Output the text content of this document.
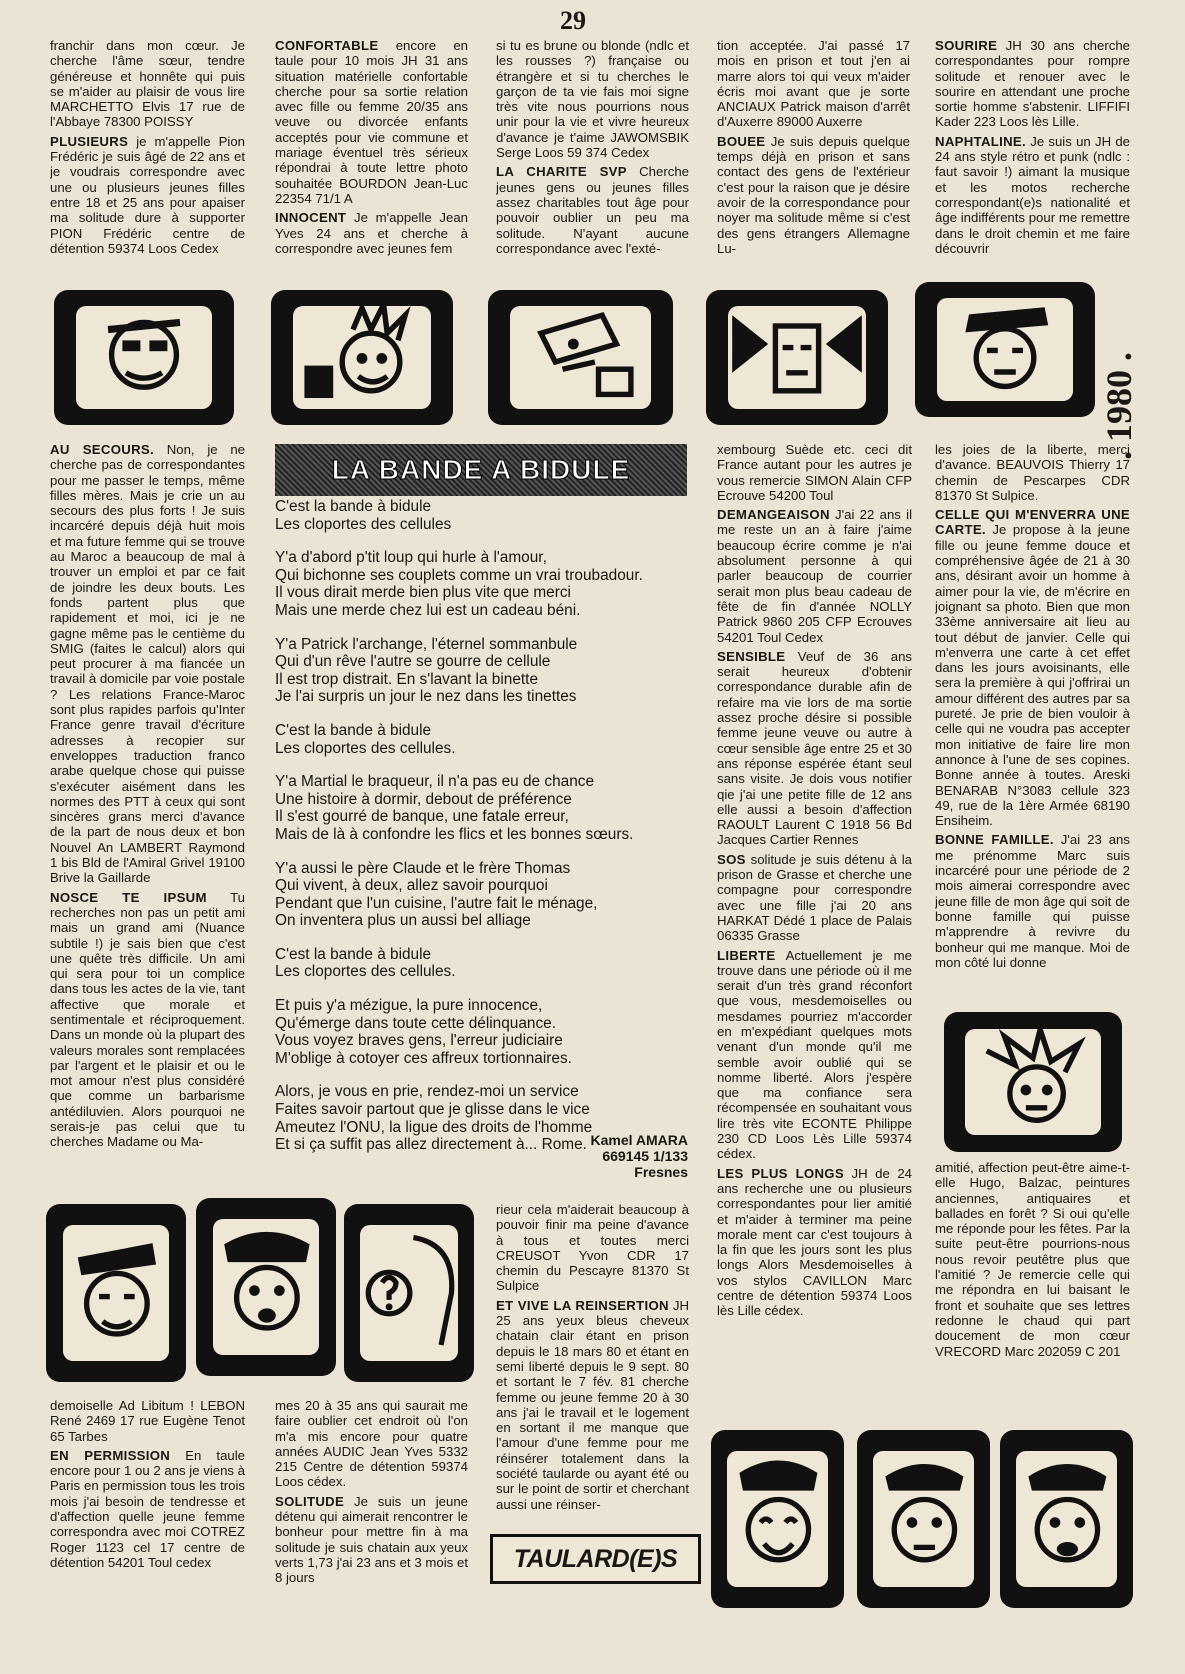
29

franchir dans mon cœur. Je cherche l'âme sœur, tendre généreuse et honnête qui puis se m'aider au plaisir de vous lire MARCHETTO Elvis 17 rue de l'Abbaye 78300 POISSY

PLUSIEURS je m'appelle Pion Frédéric je suis âgé de 22 ans et je voudrais correspondre avec une ou plusieurs jeunes filles entre 18 et 25 ans pour apaiser ma solitude dure à supporter PION Frédéric centre de détention 59374 Loos Cedex

CONFORTABLE encore en taule pour 10 mois JH 31 ans situation matérielle confortable cherche pour sa sortie relation avec fille ou femme 20/35 ans veuve ou divorcée enfants acceptés pour vie commune et mariage éventuel très sérieux répondrai à toute lettre photo souhaitée BOURDON Jean-Luc 22354 71/1 A

INNOCENT Je m'appelle Jean Yves 24 ans et cherche à correspondre avec jeunes fem

si tu es brune ou blonde (ndlc et les rousses ?) française ou étrangère et si tu cherches le garçon de ta vie fais moi signe très vite nous pourrions nous unir pour la vie et vivre heureux d'avance je t'aime JAWOMSBIK Serge Loos 59 374 Cedex

LA CHARITE SVP Cherche jeunes gens ou jeunes filles assez charitables tout âge pour pouvoir oublier un peu ma solitude. N'ayant aucune correspondance avec l'exté-

tion acceptée. J'ai passé 17 mois en prison et tout j'en ai marre alors toi qui veux m'aider écris moi avant que je sorte ANCIAUX Patrick maison d'arrêt d'Auxerre 89000 Auxerre

BOUEE Je suis depuis quelque temps déjà en prison et sans contact des gens de l'extérieur c'est pour la raison que je désire avoir de la correspondance pour noyer ma solitude même si c'est des gens étrangers Allemagne Lu-

SOURIRE JH 30 ans cherche correspondantes pour rompre solitude et renouer avec le sourire en attendant une proche sortie homme s'abstenir. LIFFIFI Kader 223 Loos lès Lille.

NAPHTALINE. Je suis un JH de 24 ans style rétro et punk (ndlc : faut savoir !) aimant la musique et les motos recherche correspondant(e)s nationalité et âge indifférents pour me remettre dans le droit chemin et me faire découvrir

. 1980 .

AU SECOURS. Non, je ne cherche pas de correspondantes pour me passer le temps, même filles mères. Mais je crie un au secours des plus forts ! Je suis incarcéré depuis déjà huit mois et ma future femme qui se trouve au Maroc a beaucoup de mal à trouver un emploi et par ce fait de joindre les deux bouts. Les fonds partent plus que rapidement et moi, ici je ne gagne même pas le centième du SMIG (faites le calcul) alors qui peut procurer à ma fiancée un travail à domicile par voie postale ? Les relations France-Maroc sont plus rapides parfois qu'Inter France genre travail d'écriture adresses à recopier sur enveloppes traduction franco arabe quelque chose qui puisse s'exécuter aisément dans les normes des PTT à ceux qui sont sincères grans merci d'avance de la part de nous deux et bon Nouvel An LAMBERT Raymond 1 bis Bld de l'Amiral Grivel 19100 Brive la Gaillarde

NOSCE TE IPSUM Tu recherches non pas un petit ami mais un grand ami (Nuance subtile !) je sais bien que c'est une quête très difficile. Un ami qui sera pour toi un complice dans tous les actes de la vie, tant affective que morale et sentimentale et réciproquement. Dans un monde où la plupart des valeurs morales sont remplacées par l'argent et le plaisir et ou le mot amour n'est plus considéré que comme un barbarisme antédiluvien. Alors pourquoi ne serais-je pas celui que tu cherches Madame ou Ma-

LA BANDE A BIDULE
C'est la bande à bidule
Les cloportes des cellules
Y'a d'abord p'tit loup qui hurle à l'amour,
Qui bichonne ses couplets comme un vrai troubadour.
Il vous dirait merde bien plus vite que merci
Mais une merde chez lui est un cadeau béni.
Y'a Patrick l'archange, l'éternel sommanbule
Qui d'un rêve l'autre se gourre de cellule
Il est trop distrait. En s'lavant la binette
Je l'ai surpris un jour le nez dans les tinettes
C'est la bande à bidule
Les cloportes des cellules.
Y'a Martial le braqueur, il n'a pas eu de chance
Une histoire à dormir, debout de préférence
Il s'est gourré de banque, une fatale erreur,
Mais de là à confondre les flics et les bonnes sœurs.
Y'a aussi le père Claude et le frère Thomas
Qui vivent, à deux, allez savoir pourquoi
Pendant que l'un cuisine, l'autre fait le ménage,
On inventera plus un aussi bel alliage
C'est la bande à bidule
Les cloportes des cellules.
Et puis y'a mézigue, la pure innocence,
Qu'émerge dans toute cette délinquance.
Vous voyez braves gens, l'erreur judiciaire
M'oblige à cotoyer ces affreux tortionnaires.
Alors, je vous en prie, rendez-moi un service
Faites savoir partout que je glisse dans le vice
Ameutez l'ONU, la ligue des droits de l'homme
Et si ça suffit pas allez directement à... Rome. Kamel AMARA
669145 1/133
Fresnes

xembourg Suède etc. ceci dit France autant pour les autres je vous remercie SIMON Alain CFP Ecrouve 54200 Toul

DEMANGEAISON J'ai 22 ans il me reste un an à faire j'aime beaucoup écrire comme je n'ai absolument personne à qui parler beaucoup de courrier serait mon plus beau cadeau de fête de fin d'année NOLLY Patrick 9860 205 CFP Ecrouves 54201 Toul Cedex

SENSIBLE Veuf de 36 ans serait heureux d'obtenir correspondance durable afin de refaire ma vie lors de ma sortie assez proche désire si possible femme jeune veuve ou autre à cœur sensible âge entre 25 et 30 ans réponse espérée étant seul sans visite. Je dois vous notifier qie j'ai une petite fille de 12 ans elle aussi a besoin d'affection RAOULT Laurent C 1918 56 Bd Jacques Cartier Rennes

SOS solitude je suis détenu à la prison de Grasse et cherche une compagne pour correspondre avec une fille j'ai 20 ans HARKAT Dédé 1 place de Palais 06335 Grasse

LIBERTE Actuellement je me trouve dans une période où il me serait d'un très grand réconfort que vous, mesdemoiselles ou mesdames pourriez m'accorder en m'expédiant quelques mots venant d'un monde qu'il me semble avoir oublié qui se nomme liberté. Alors j'espère que ma confiance sera récompensée en souhaitant vous lire très vite ECONTE Philippe 230 CD Loos Lès Lille 59374 cédex.

LES PLUS LONGS JH de 24 ans recherche une ou plusieurs correspondantes pour lier amitié et m'aider à terminer ma peine morale ment car c'est toujours à la fin que les jours sont les plus longs Alors Mesdemoiselles à vos stylos CAVILLON Marc centre de détention 59374 Loos lès Lille cédex.

les joies de la liberte, merci d'avance. BEAUVOIS Thierry 17 chemin de Pescarpes CDR 81370 St Sulpice.

CELLE QUI M'ENVERRA UNE CARTE. Je propose à la jeune fille ou jeune femme douce et compréhensive âgée de 21 à 30 ans, désirant avoir un homme à aimer pour la vie, de m'écrire en joignant sa photo. Bien que mon 33ème anniversaire ait lieu au tout début de janvier. Celle qui m'enverra une carte à cet effet dans les jours avoisinants, elle sera la première à qui j'offrirai un amour différent des autres par sa pureté. Je prie de bien vouloir à celle qui ne voudra pas accepter mon initiative de faire lire mon annonce à l'une de ses copines. Bonne année à toutes. Areski BENARAB N°3083 cellule 323 49, rue de la 1ère Armée 68190 Ensiheim.

BONNE FAMILLE. J'ai 23 ans me prénomme Marc suis incarcéré pour une période de 2 mois aimerai correspondre avec jeune fille de mon âge qui soit de bonne famille qui puisse m'apprendre à revivre du bonheur qui me manque. Moi de mon côté lui donne

amitié, affection peut-être aime-t-elle Hugo, Balzac, peintures anciennes, antiquaires et ballades en forêt ? Si oui qu'elle me réponde pour les fêtes. Par la suite peut-être pourrions-nous nous revoir peutêtre plus que l'amitié ? Je remercie celle qui me répondra en lui baisant le front et souhaite que ses lettres redonne le chaud qui part doucement de mon cœur VRECORD Marc 202059 C 201

rieur cela m'aiderait beaucoup à pouvoir finir ma peine d'avance à tous et toutes merci CREUSOT Yvon CDR 17 chemin du Pescayre 81370 St Sulpice

ET VIVE LA REINSERTION JH 25 ans yeux bleus cheveux chatain clair étant en prison depuis le 18 mars 80 et étant en semi liberté depuis le 9 sept. 80 et sortant le 7 fév. 81 cherche femme ou jeune femme 20 à 30 ans j'ai le travail et le logement en sortant il me manque que l'amour d'une femme pour me réinsérer totalement dans la société taularde ou ayant été ou sur le point de sortir et cherchant aussi une réinser-

demoiselle Ad Libitum ! LEBON René 2469 17 rue Eugène Tenot 65 Tarbes

EN PERMISSION En taule encore pour 1 ou 2 ans je viens à Paris en permission tous les trois mois j'ai besoin de tendresse et d'affection quelle jeune femme correspondra avec moi COTREZ Roger 1123 cel 17 centre de détention 54201 Toul cedex

mes 20 à 35 ans qui saurait me faire oublier cet endroit où l'on m'a mis encore pour quatre années AUDIC Jean Yves 5332 215 Centre de détention 59374 Loos cédex.

SOLITUDE Je suis un jeune détenu qui aimerait rencontrer le bonheur pour mettre fin à ma solitude je suis chatain aux yeux verts 1,73 j'ai 23 ans et 3 mois et 8 jours

TAULARD(E)S
